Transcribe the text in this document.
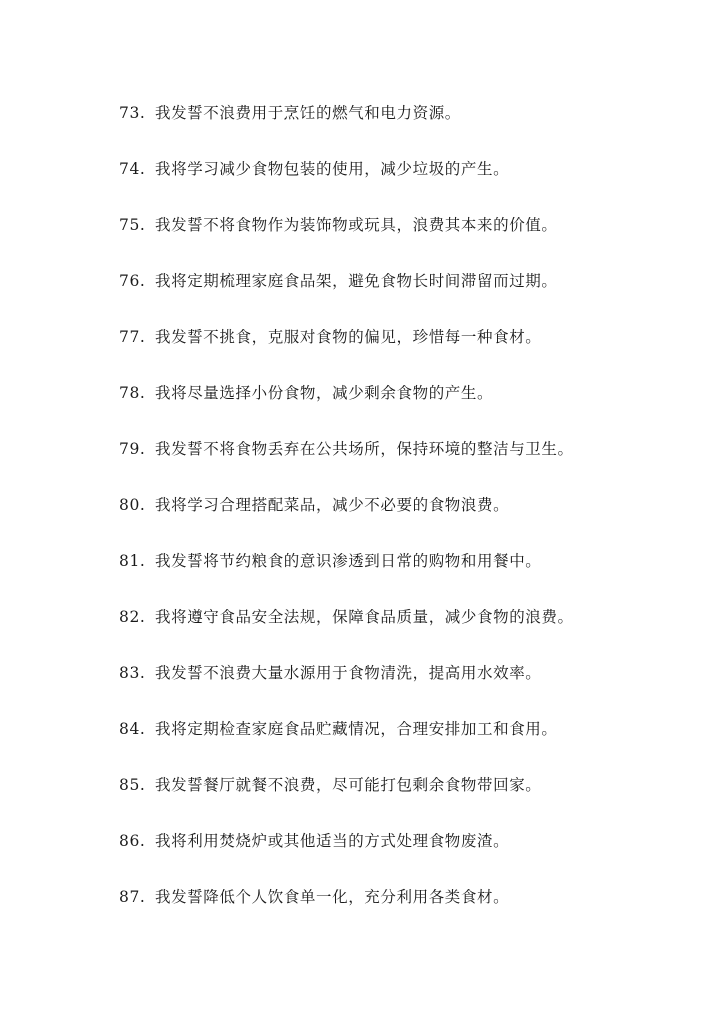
73. 我发誓不浪费用于烹饪的燃气和电力资源。
74. 我将学习减少食物包装的使用，减少垃圾的产生。
75. 我发誓不将食物作为装饰物或玩具，浪费其本来的价值。
76. 我将定期梳理家庭食品架，避免食物长时间滞留而过期。
77. 我发誓不挑食，克服对食物的偏见，珍惜每一种食材。
78. 我将尽量选择小份食物，减少剩余食物的产生。
79. 我发誓不将食物丢弃在公共场所，保持环境的整洁与卫生。
80. 我将学习合理搭配菜品，减少不必要的食物浪费。
81. 我发誓将节约粮食的意识渗透到日常的购物和用餐中。
82. 我将遵守食品安全法规，保障食品质量，减少食物的浪费。
83. 我发誓不浪费大量水源用于食物清洗，提高用水效率。
84. 我将定期检查家庭食品贮藏情况，合理安排加工和食用。
85. 我发誓餐厅就餐不浪费，尽可能打包剩余食物带回家。
86. 我将利用焚烧炉或其他适当的方式处理食物废渣。
87. 我发誓降低个人饮食单一化，充分利用各类食材。
